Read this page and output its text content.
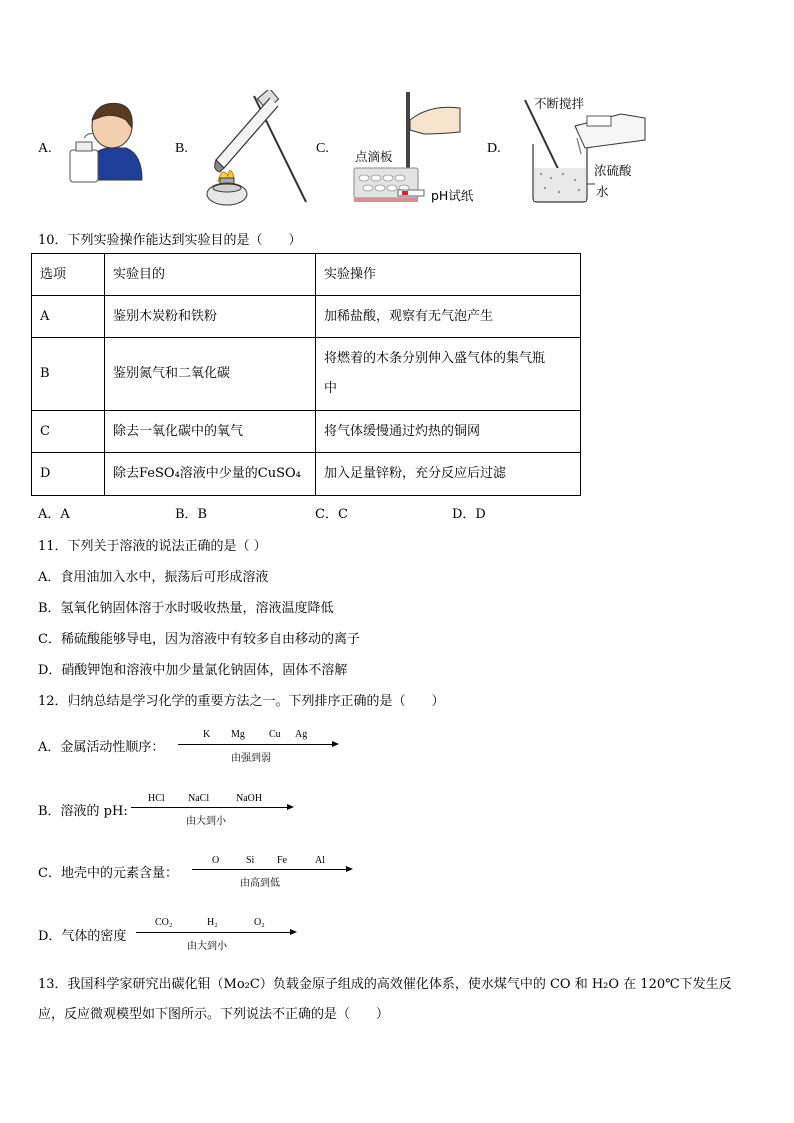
A.	B.	C.
点滴板
pH试纸
D.
不断搅拌
浓硫酸
水
10．下列实验操作能达到实验目的是（　　）
选项	实验目的	实验操作
A	鉴别木炭粉和铁粉	加稀盐酸，观察有无气泡产生
B	鉴别氮气和二氧化碳	将燃着的木条分别伸入盛气体的集气瓶中
C	除去一氧化碳中的氧气	将气体缓慢通过灼热的铜网
D	除去FeSO₄溶液中少量的CuSO₄	加入足量锌粉，充分反应后过滤
A．A	B．B	C．C	D．D
11．下列关于溶液的说法正确的是（ ）
A．食用油加入水中，振荡后可形成溶液
B．氢氧化钠固体溶于水时吸收热量，溶液温度降低
C．稀硫酸能够导电，因为溶液中有较多自由移动的离子
D．硝酸钾饱和溶液中加少量氯化钠固体，固体不溶解
12．归纳总结是学习化学的重要方法之一。下列排序正确的是（　　）
A．金属活动性顺序：
K Mg Cu Ag
由强到弱
B．溶液的 pH:
HCl NaCl	NaOH
由大到小
C．地壳中的元素含量：
O	Si Fe	Al
由高到低
D．气体的密度
CO₂	H₂	O₂
由大到小
13．我国科学家研究出碳化钼（Mo₂C）负载金原子组成的高效催化体系，使水煤气中的 CO 和 H₂O 在 120℃下发生反
应，反应微观模型如下图所示。下列说法不正确的是（　　）
